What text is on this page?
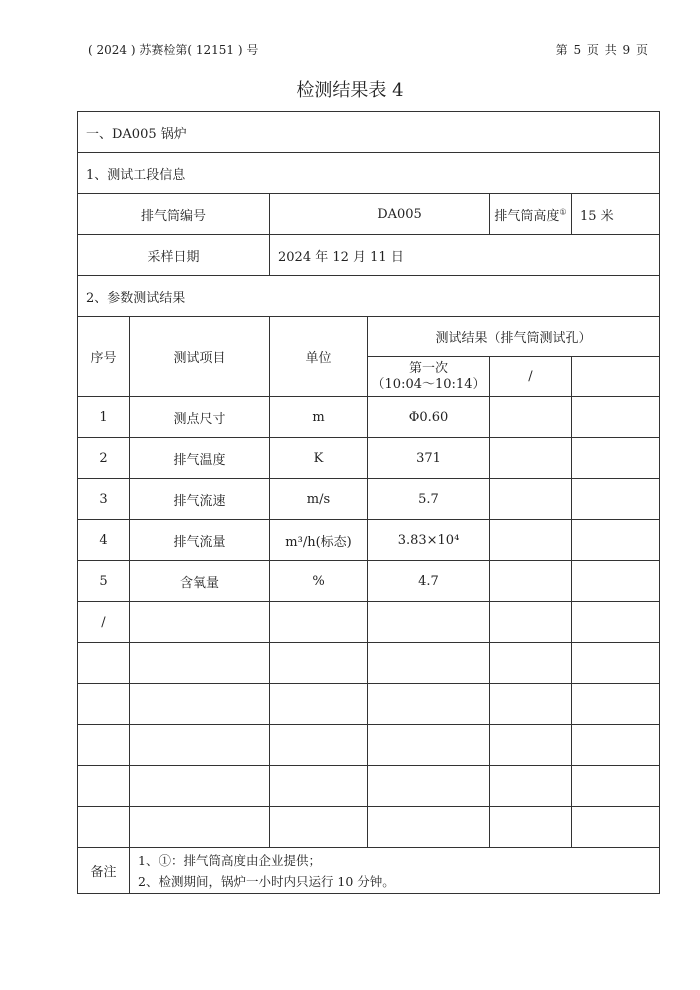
( 2024 ) 苏赛检第( 12151 ) 号	第 5 页 共 9 页
检测结果表 4
一、DA005 锅炉					
1、测试工段信息					
排气筒编号		DA005		排气筒高度①	15 米
采样日期		2024 年 12 月 11 日			
2、参数测试结果					
序号	测试项目	单位	测试结果（排气筒测试孔）		

			第一次
（10:04～10:14）	/	
1	测点尺寸	m	Φ0.60		
2	排气温度	K	371		
3	排气流速	m/s	5.7		
4	排气流量	m³/h(标态)	3.83×10⁴		
5	含氧量	%	4.7		
/					

备注	1、①：排气筒高度由企业提供；
2、检测期间，锅炉一小时内只运行 10 分钟。				
